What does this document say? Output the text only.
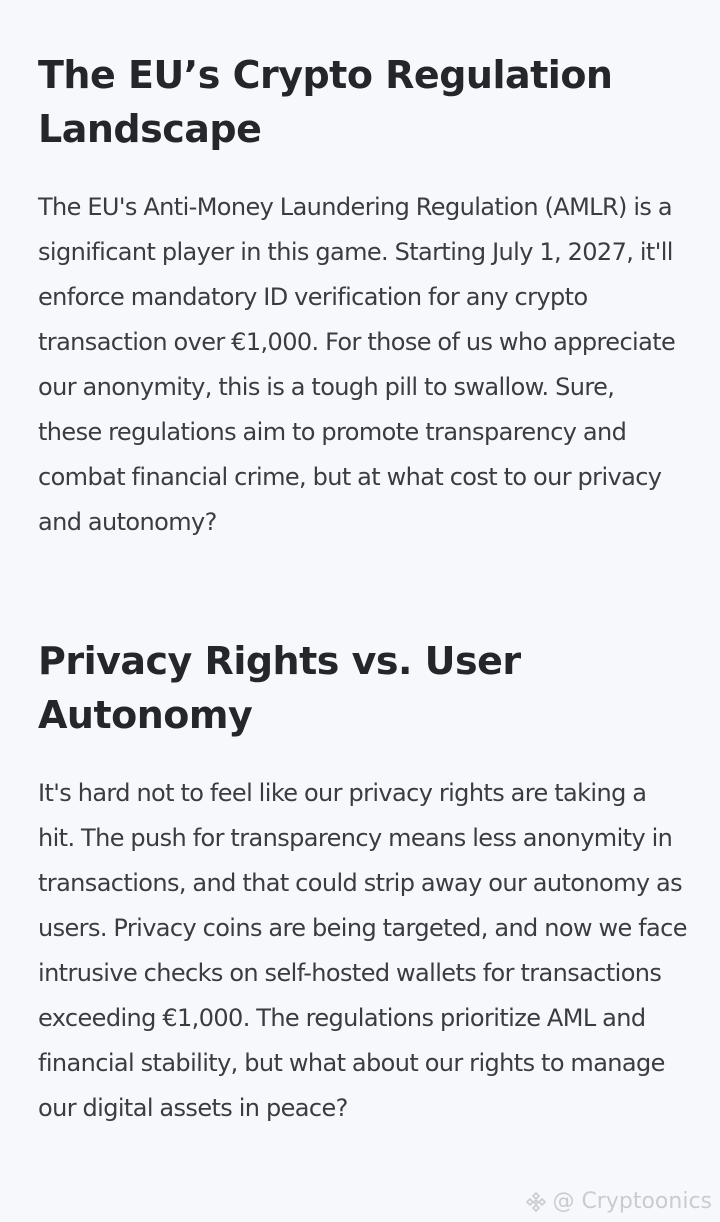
The EU’s Crypto Regulation Landscape

The EU's Anti-Money Laundering Regulation (AMLR) is a significant player in this game. Starting July 1, 2027, it'll enforce mandatory ID verification for any crypto transaction over €1,000. For those of us who appreciate our anonymity, this is a tough pill to swallow. Sure, these regulations aim to promote transparency and combat financial crime, but at what cost to our privacy and autonomy?

Privacy Rights vs. User Autonomy

It's hard not to feel like our privacy rights are taking a hit. The push for transparency means less anonymity in transactions, and that could strip away our autonomy as users. Privacy coins are being targeted, and now we face intrusive checks on self-hosted wallets for transactions exceeding €1,000. The regulations prioritize AML and financial stability, but what about our rights to manage our digital assets in peace?

@ Cryptoonics
